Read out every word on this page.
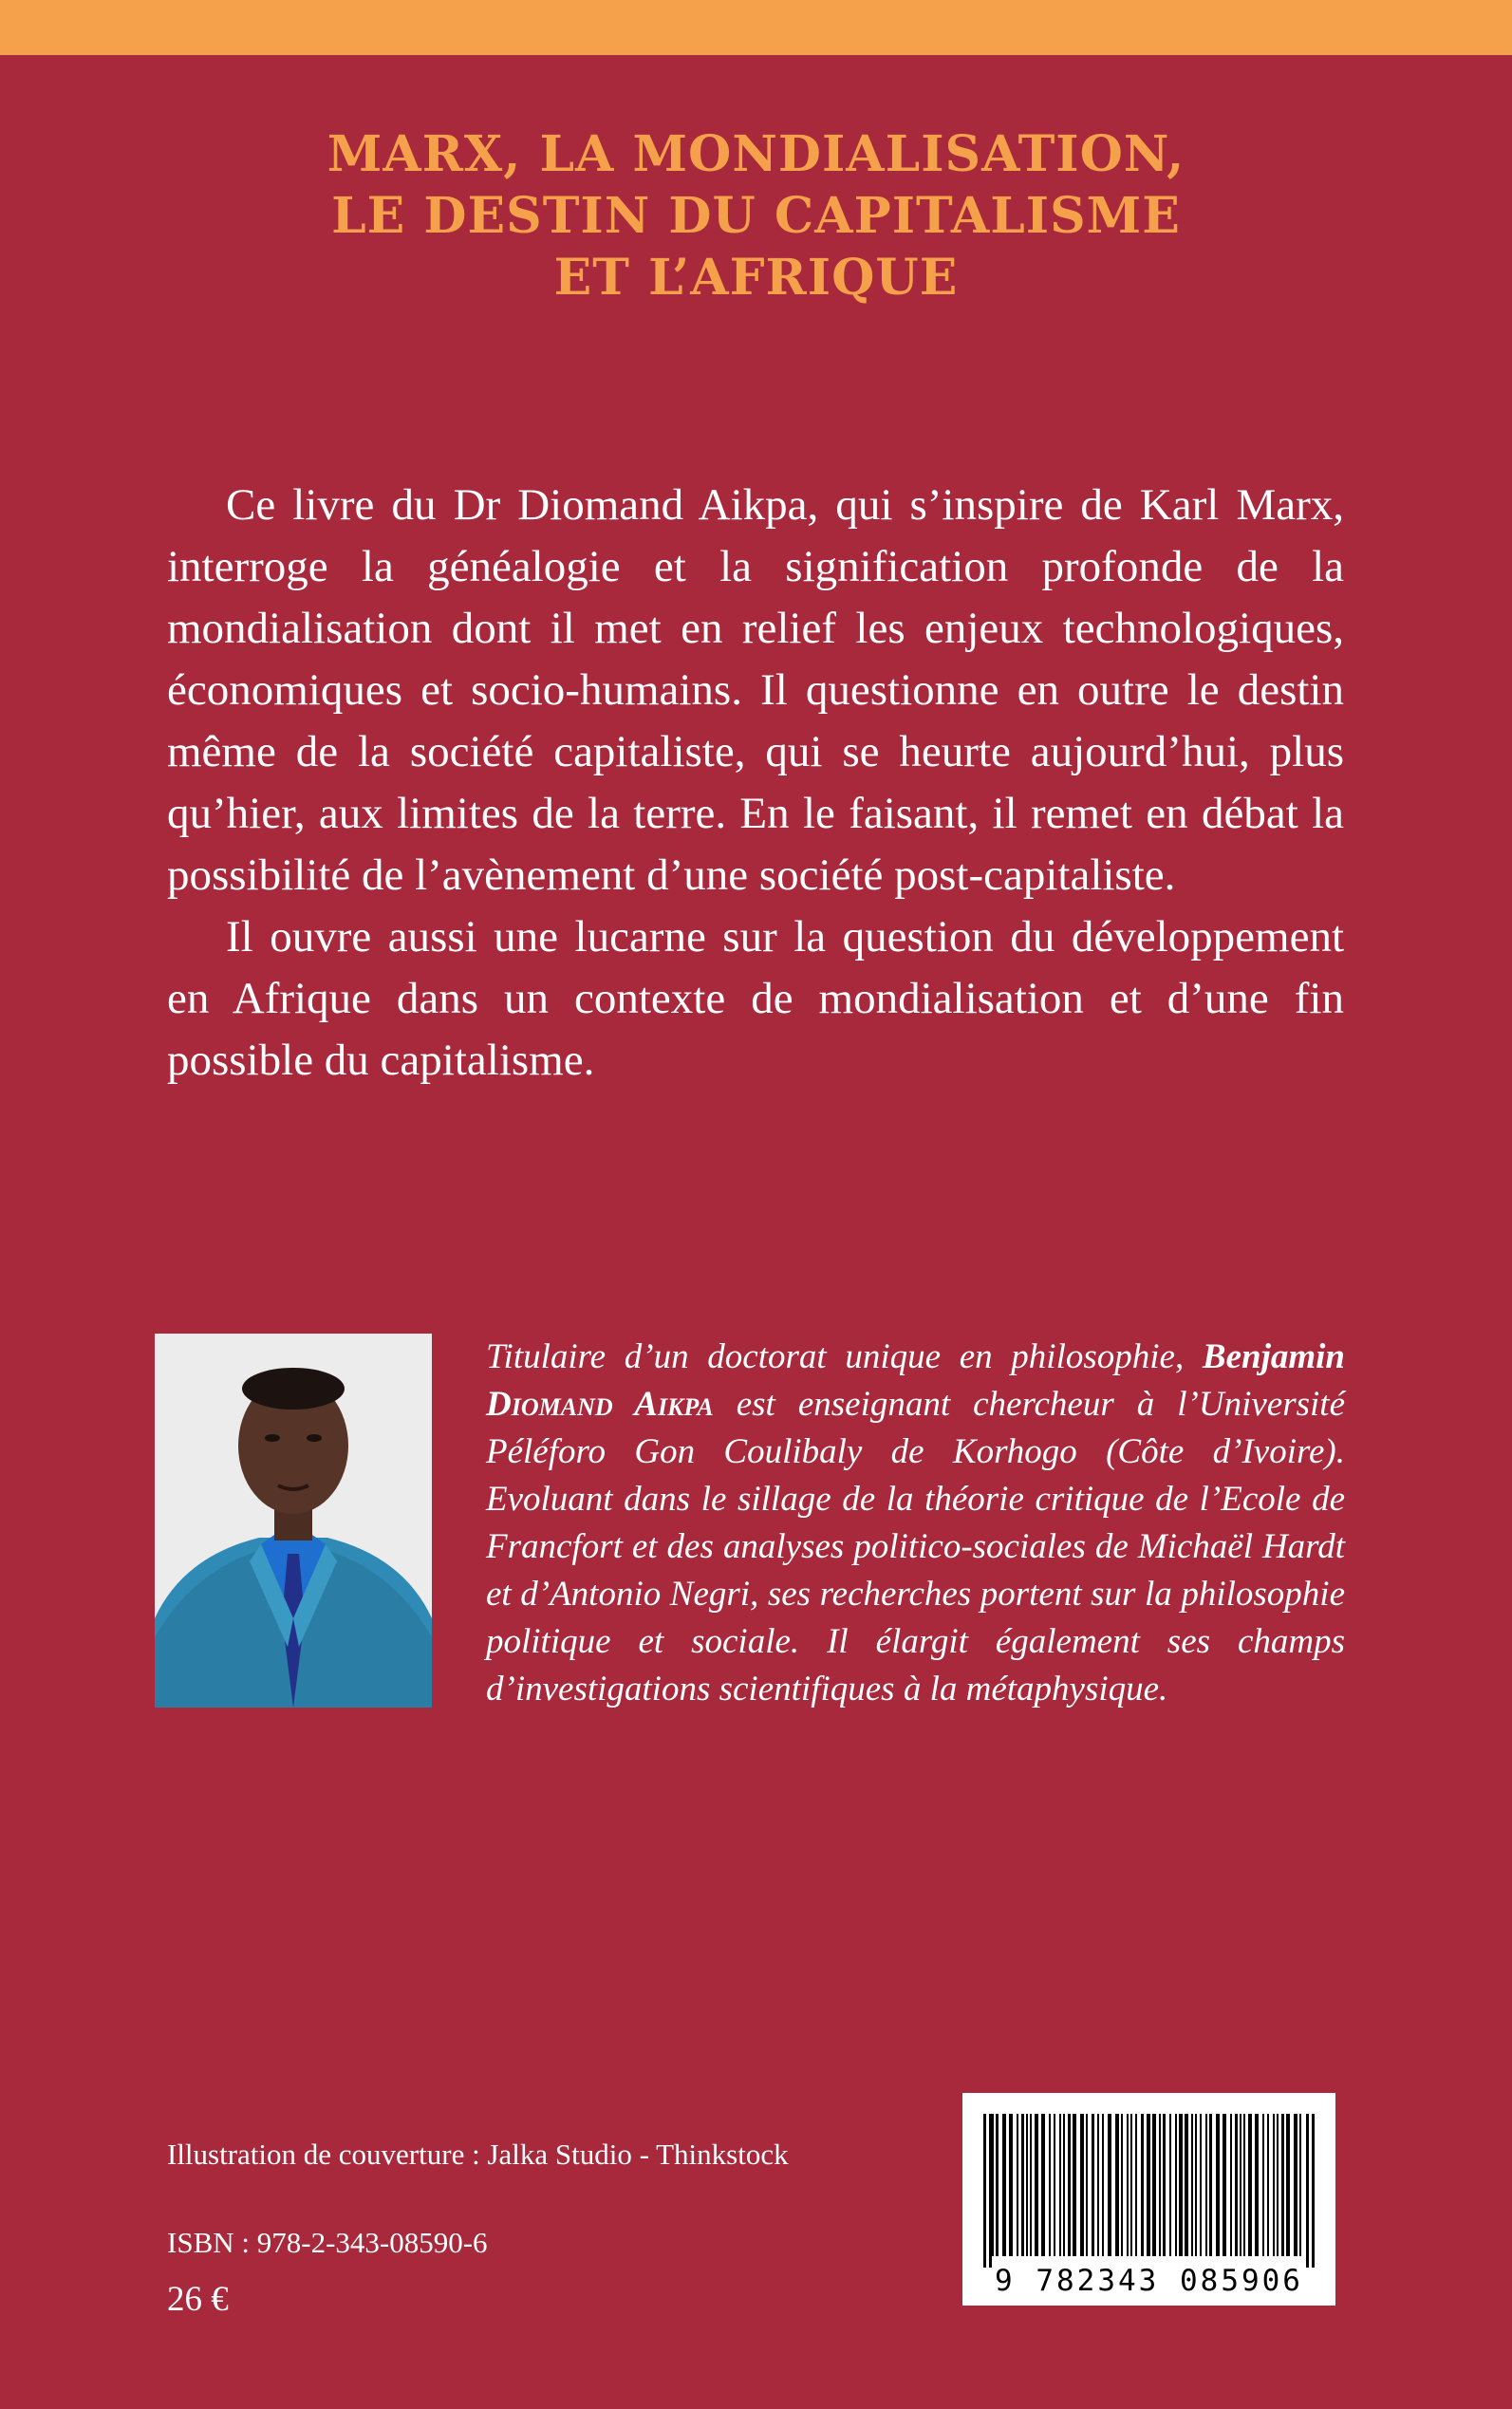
MARX, LA MONDIALISATION,
LE DESTIN DU CAPITALISME
ET L’AFRIQUE

Ce livre du Dr Diomand Aikpa, qui s’inspire de Karl Marx, interroge la généalogie et la signification profonde de la mondialisation dont il met en relief les enjeux technologiques, économiques et socio-humains. Il questionne en outre le destin même de la société capitaliste, qui se heurte aujourd’hui, plus qu’hier, aux limites de la terre. En le faisant, il remet en débat la possibilité de l’avènement d’une société post-capitaliste.

Il ouvre aussi une lucarne sur la question du développement en Afrique dans un contexte de mondialisation et d’une fin possible du capitalisme.

Titulaire d’un doctorat unique en philosophie, Benjamin Diomand Aikpa est enseignant chercheur à l’Université Péléforo Gon Coulibaly de Korhogo (Côte d’Ivoire). Evoluant dans le sillage de la théorie critique de l’Ecole de Francfort et des analyses politico-sociales de Michaël Hardt et d’Antonio Negri, ses recherches portent sur la philosophie politique et sociale. Il élargit également ses champs d’investigations scientifiques à la métaphysique.
Illustration de couverture : Jalka Studio - Thinkstock
ISBN : 978-2-343-08590-6
26 €	9 782343 085906
